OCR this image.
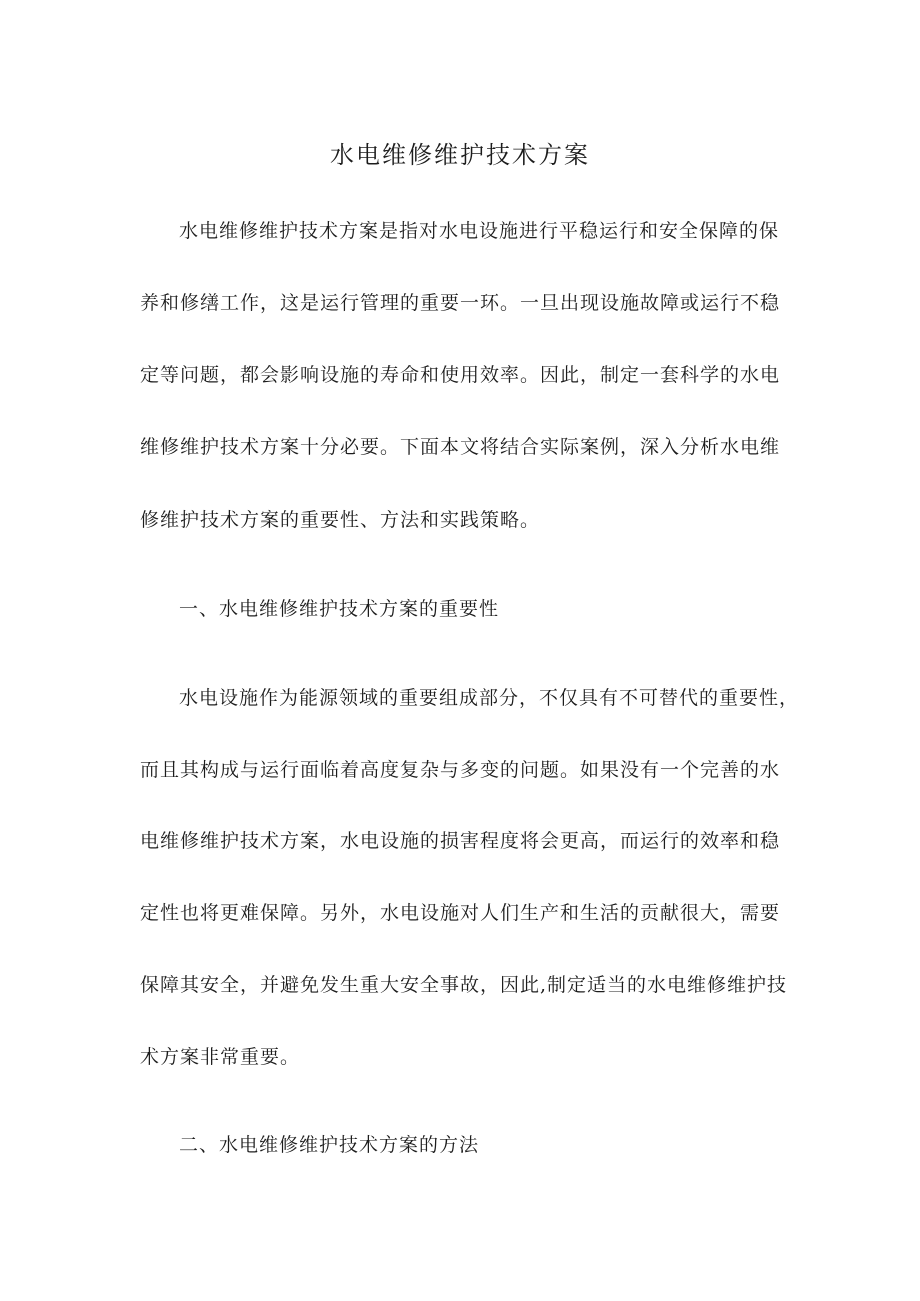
水电维修维护技术方案

水电维修维护技术方案是指对水电设施进行平稳运行和安全保障的保

养和修缮工作，这是运行管理的重要一环。一旦出现设施故障或运行不稳

定等问题，都会影响设施的寿命和使用效率。因此，制定一套科学的水电

维修维护技术方案十分必要。下面本文将结合实际案例，深入分析水电维

修维护技术方案的重要性、方法和实践策略。

一、水电维修维护技术方案的重要性

水电设施作为能源领域的重要组成部分，不仅具有不可替代的重要性，

而且其构成与运行面临着高度复杂与多变的问题。如果没有一个完善的水

电维修维护技术方案，水电设施的损害程度将会更高，而运行的效率和稳

定性也将更难保障。另外，水电设施对人们生产和生活的贡献很大，需要

保障其安全，并避免发生重大安全事故，因此,制定适当的水电维修维护技

术方案非常重要。

二、水电维修维护技术方案的方法
